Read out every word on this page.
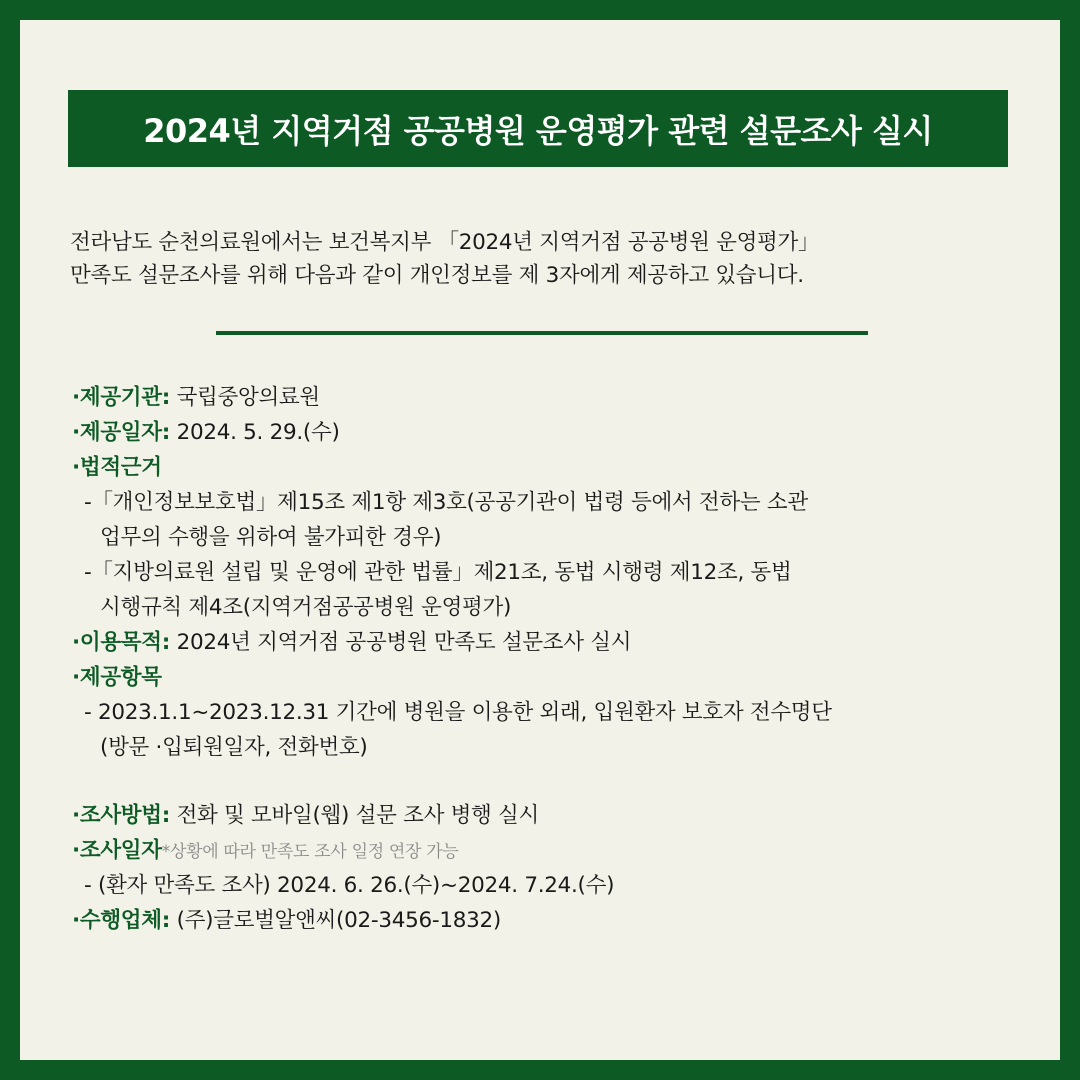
2024년 지역거점 공공병원 운영평가 관련 설문조사 실시
전라남도 순천의료원에서는 보건복지부 「2024년 지역거점 공공병원 운영평가」
만족도 설문조사를 위해 다음과 같이 개인정보를 제 3자에게 제공하고 있습니다.
·제공기관: 국립중앙의료원
·제공일자: 2024. 5. 29.(수)
·법적근거
-「개인정보보호법」제15조 제1항 제3호(공공기관이 법령 등에서 전하는 소관
업무의 수행을 위하여 불가피한 경우)
-「지방의료원 설립 및 운영에 관한 법률」제21조, 동법 시행령 제12조, 동법
시행규칙 제4조(지역거점공공병원 운영평가)
·이용목적: 2024년 지역거점 공공병원 만족도 설문조사 실시
·제공항목
- 2023.1.1~2023.12.31 기간에 병원을 이용한 외래, 입원환자 보호자 전수명단
(방문 ·입퇴원일자, 전화번호)
·조사방법: 전화 및 모바일(웹) 설문 조사 병행 실시
·조사일자*상황에 따라 만족도 조사 일정 연장 가능
- (환자 만족도 조사) 2024. 6. 26.(수)~2024. 7.24.(수)
·수행업체: (주)글로벌알앤씨(02-3456-1832)
